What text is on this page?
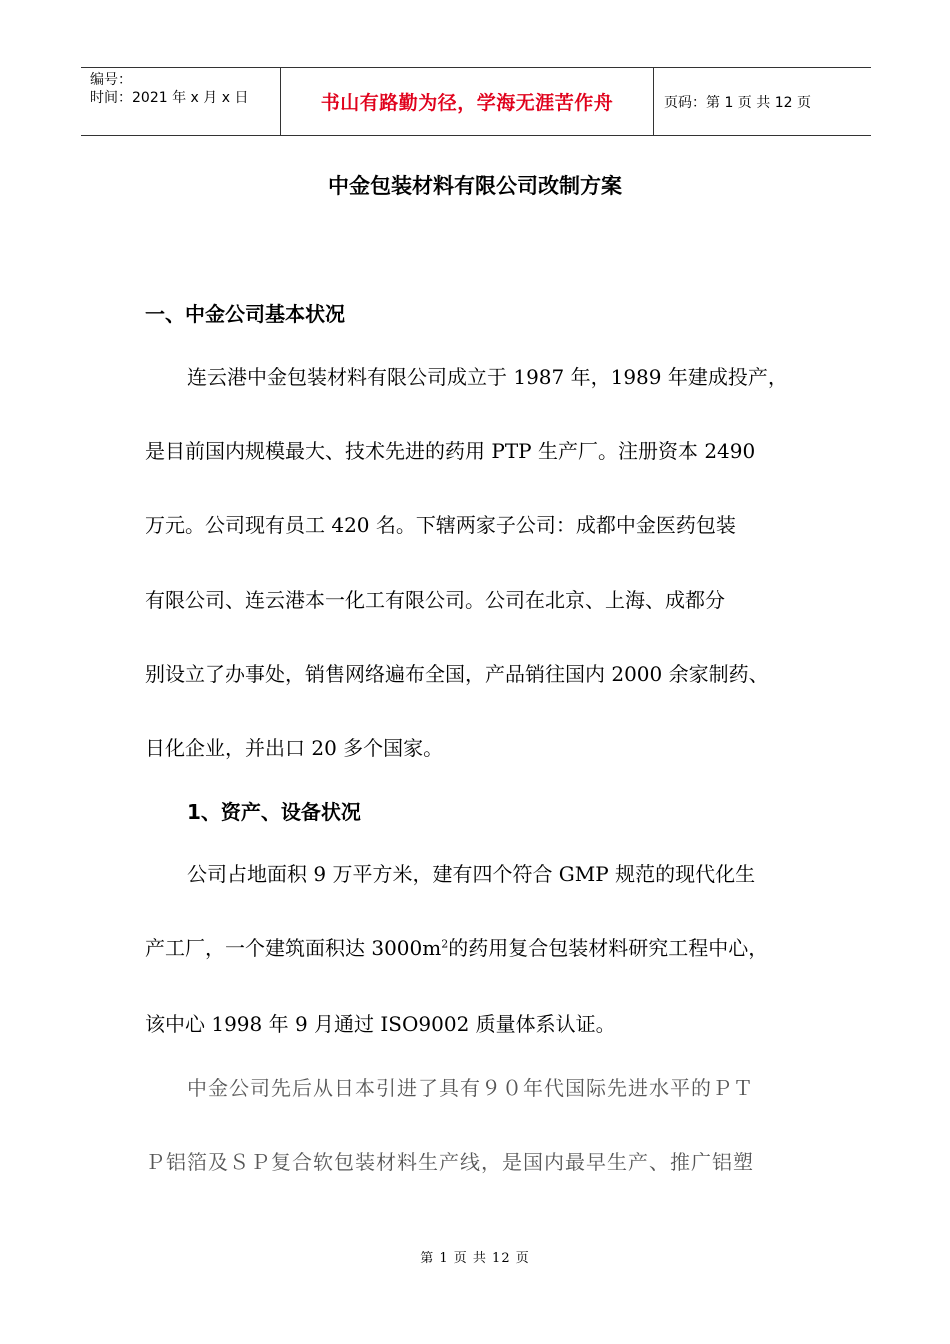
编号：
时间：2021 年 x 月 x 日	书山有路勤为径，学海无涯苦作舟	页码：第 1 页 共 12 页
中金包装材料有限公司改制方案
一、中金公司基本状况
连云港中金包装材料有限公司成立于 1987 年，1989 年建成投产，
是目前国内规模最大、技术先进的药用 PTP 生产厂。注册资本 2490
万元。公司现有员工 420 名。下辖两家子公司：成都中金医药包装
有限公司、连云港本一化工有限公司。公司在北京、上海、成都分
别设立了办事处，销售网络遍布全国，产品销往国内 2000 余家制药、
日化企业，并出口 20 多个国家。
1、资产、设备状况
公司占地面积 9 万平方米，建有四个符合 GMP 规范的现代化生
产工厂，一个建筑面积达 $3000m^2$的药用复合包装材料研究工程中心，
该中心 1998 年 9 月通过 ISO9002 质量体系认证。
中金公司先后从日本引进了具有９０年代国际先进水平的ＰＴ
Ｐ铝箔及ＳＰ复合软包装材料生产线，是国内最早生产、推广铝塑
第 1 页 共 12 页
